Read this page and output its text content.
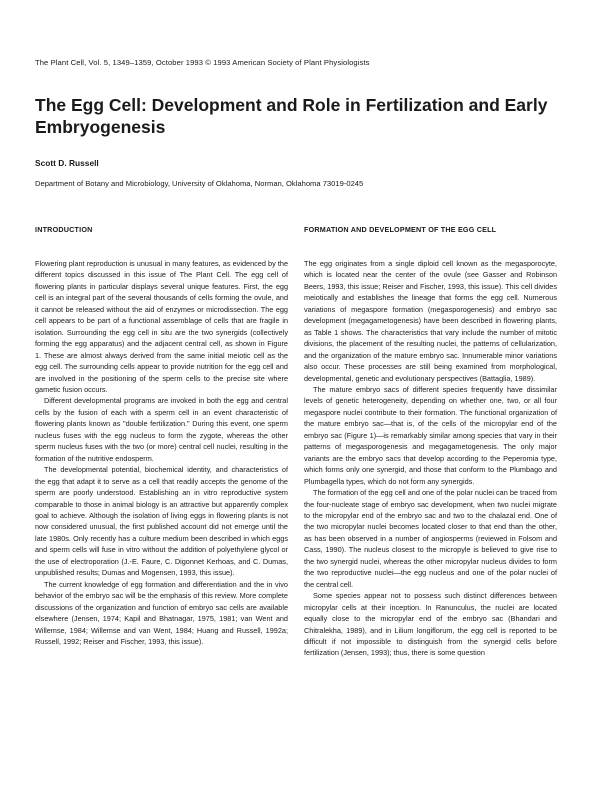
The Plant Cell, Vol. 5, 1349–1359, October 1993 © 1993 American Society of Plant Physiologists
The Egg Cell: Development and Role in Fertilization and Early Embryogenesis
Scott D. Russell
Department of Botany and Microbiology, University of Oklahoma, Norman, Oklahoma 73019-0245
INTRODUCTION

Flowering plant reproduction is unusual in many features, as evidenced by the different topics discussed in this issue of The Plant Cell. The egg cell of flowering plants in particular displays several unique features. First, the egg cell is an integral part of the several thousands of cells forming the ovule, and it cannot be released without the aid of enzymes or microdissection. The egg cell appears to be part of a functional assemblage of cells that are fragile in isolation. Surrounding the egg cell in situ are the two synergids (collectively forming the egg apparatus) and the adjacent central cell, as shown in Figure 1. These are almost always derived from the same initial meiotic cell as the egg cell. The surrounding cells appear to provide nutrition for the egg cell and are involved in the positioning of the sperm cells to the precise site where gametic fusion occurs.

Different developmental programs are invoked in both the egg and central cells by the fusion of each with a sperm cell in an event characteristic of flowering plants known as "double fertilization." During this event, one sperm nucleus fuses with the egg nucleus to form the zygote, whereas the other sperm nucleus fuses with the two (or more) central cell nuclei, resulting in the formation of the nutritive endosperm.

The developmental potential, biochemical identity, and characteristics of the egg that adapt it to serve as a cell that readily accepts the genome of the sperm are poorly understood. Establishing an in vitro reproductive system comparable to those in animal biology is an attractive but apparently complex goal to achieve. Although the isolation of living eggs in flowering plants is not now considered unusual, the first published account did not emerge until the late 1980s. Only recently has a culture medium been described in which eggs and sperm cells will fuse in vitro without the addition of polyethylene glycol or the use of electroporation (J.-E. Faure, C. Digonnet Kerhoas, and C. Dumas, unpublished results; Dumas and Mogensen, 1993, this issue).

The current knowledge of egg formation and differentiation and the in vivo behavior of the embryo sac will be the emphasis of this review. More complete discussions of the organization and function of embryo sac cells are available elsewhere (Jensen, 1974; Kapil and Bhatnagar, 1975, 1981; van Went and Willemse, 1984; Willemse and van Went, 1984; Huang and Russell, 1992a; Russell, 1992; Reiser and Fischer, 1993, this issue).

FORMATION AND DEVELOPMENT OF THE EGG CELL

The egg originates from a single diploid cell known as the megasporocyte, which is located near the center of the ovule (see Gasser and Robinson Beers, 1993, this issue; Reiser and Fischer, 1993, this issue). This cell divides meiotically and establishes the lineage that forms the egg cell. Numerous variations of megaspore formation (megasporogenesis) and embryo sac development (megagametogenesis) have been described in flowering plants, as Table 1 shows. The characteristics that vary include the number of mitotic divisions, the placement of the resulting nuclei, the patterns of cellularization, and the organization of the mature embryo sac. Innumerable minor variations also occur. These processes are still being examined from morphological, developmental, genetic and evolutionary perspectives (Battaglia, 1989).

The mature embryo sacs of different species frequently have dissimilar levels of genetic heterogeneity, depending on whether one, two, or all four megaspore nuclei contribute to their formation. The functional organization of the mature embryo sac—that is, of the cells of the micropylar end of the embryo sac (Figure 1)—is remarkably similar among species that vary in their patterns of megasporogenesis and megagametogenesis. The only major variants are the embryo sacs that develop according to the Peperomia type, which forms only one synergid, and those that conform to the Plumbago and Plumbagella types, which do not form any synergids.

The formation of the egg cell and one of the polar nuclei can be traced from the four-nucleate stage of embryo sac development, when two nuclei migrate to the micropylar end of the embryo sac and two to the chalazal end. One of the two micropylar nuclei becomes located closer to that end than the other, as has been observed in a number of angiosperms (reviewed in Folsom and Cass, 1990). The nucleus closest to the micropyle is believed to give rise to the two synergid nuclei, whereas the other micropylar nucleus divides to form the two reproductive nuclei—the egg nucleus and one of the polar nuclei of the central cell.

Some species appear not to possess such distinct differences between micropylar cells at their inception. In Ranunculus, the nuclei are located equally close to the micropylar end of the embryo sac (Bhandari and Chitralekha, 1989), and in Lilium longiflorum, the egg cell is reported to be difficult if not impossible to distinguish from the synergid cells before fertilization (Jensen, 1993); thus, there is some question
